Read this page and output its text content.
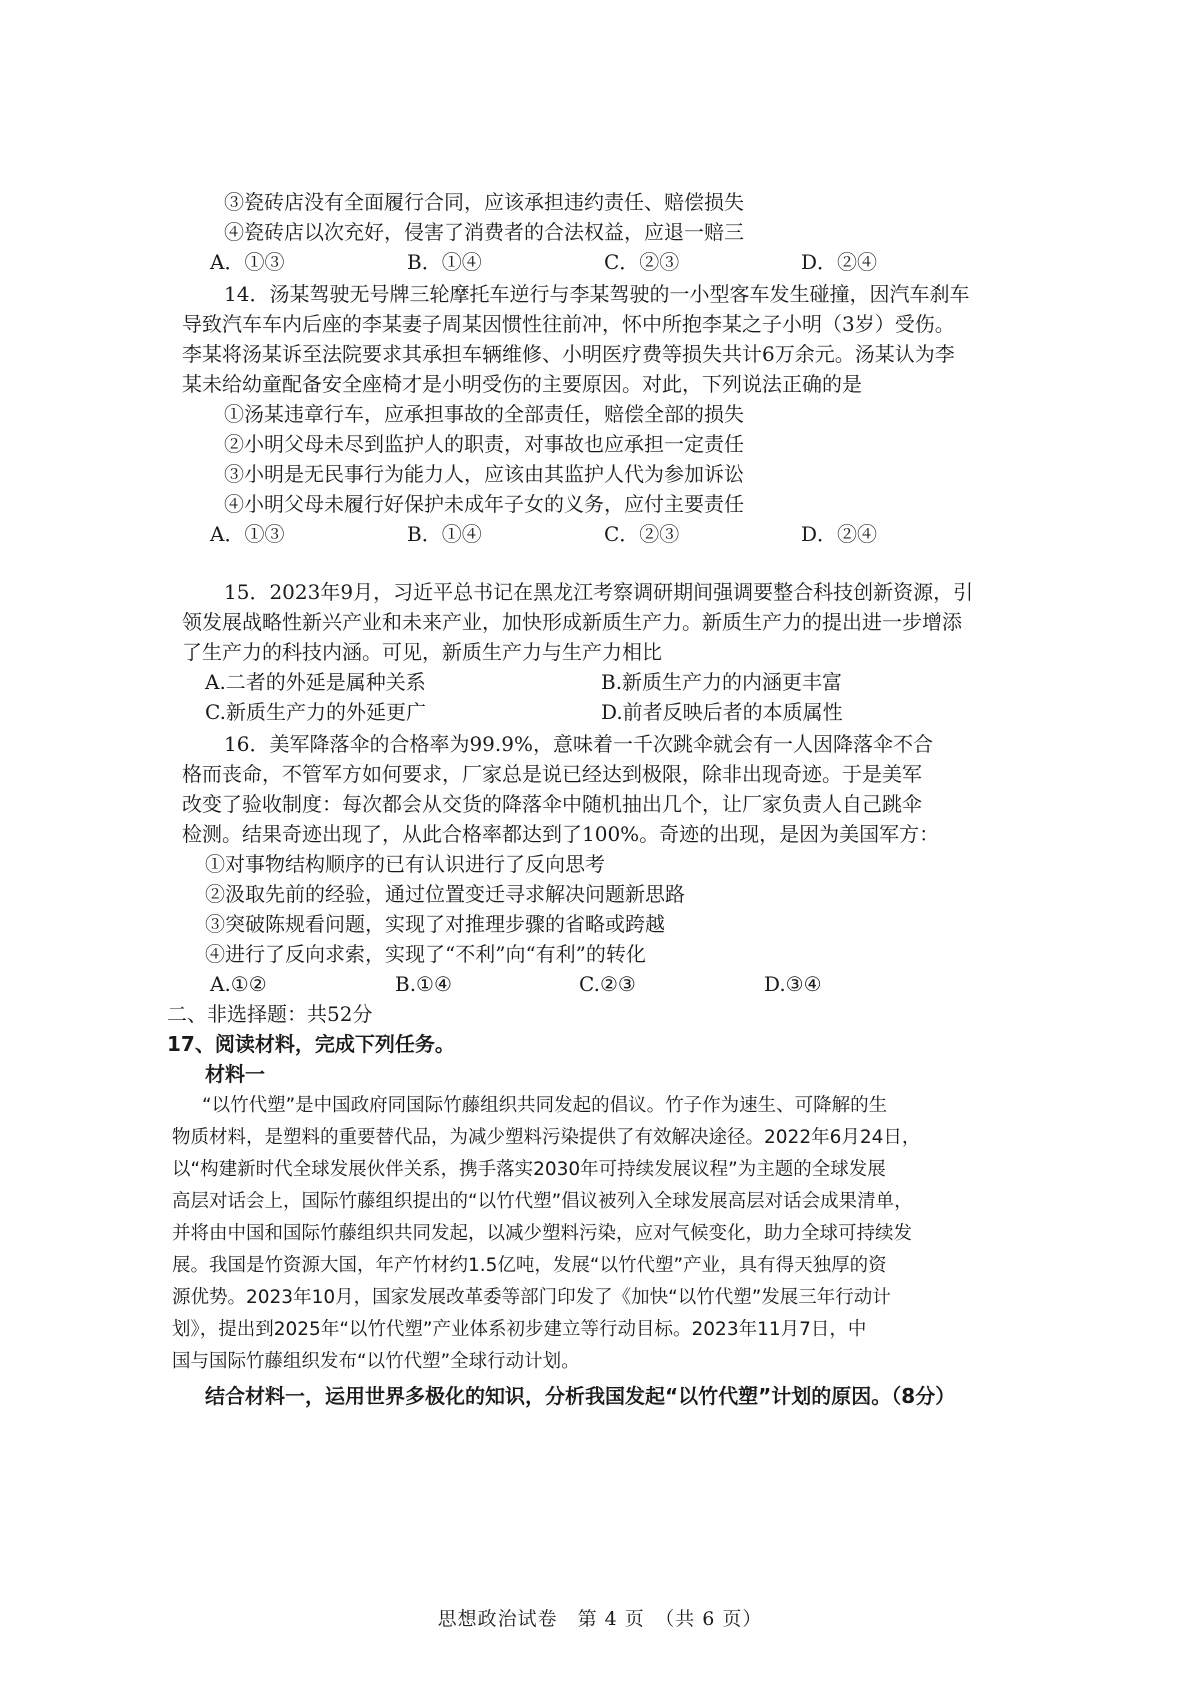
③瓷砖店没有全面履行合同，应该承担违约责任、赔偿损失
④瓷砖店以次充好，侵害了消费者的合法权益，应退一赔三
A．①③	B．①④	C．②③	D．②④
14．汤某驾驶无号牌三轮摩托车逆行与李某驾驶的一小型客车发生碰撞，因汽车刹车
导致汽车车内后座的李某妻子周某因惯性往前冲，怀中所抱李某之子小明（3岁）受伤。
李某将汤某诉至法院要求其承担车辆维修、小明医疗费等损失共计6万余元。汤某认为李
某未给幼童配备安全座椅才是小明受伤的主要原因。对此，下列说法正确的是
①汤某违章行车，应承担事故的全部责任，赔偿全部的损失
②小明父母未尽到监护人的职责，对事故也应承担一定责任
③小明是无民事行为能力人，应该由其监护人代为参加诉讼
④小明父母未履行好保护未成年子女的义务，应付主要责任
A．①③	B．①④	C．②③	D．②④
15．2023年9月，习近平总书记在黑龙江考察调研期间强调要整合科技创新资源，引
领发展战略性新兴产业和未来产业，加快形成新质生产力。新质生产力的提出进一步增添
了生产力的科技内涵。可见，新质生产力与生产力相比
A.二者的外延是属种关系	B.新质生产力的内涵更丰富
C.新质生产力的外延更广	D.前者反映后者的本质属性
16．美军降落伞的合格率为99.9%，意味着一千次跳伞就会有一人因降落伞不合
格而丧命，不管军方如何要求，厂家总是说已经达到极限，除非出现奇迹。于是美军
改变了验收制度：每次都会从交货的降落伞中随机抽出几个，让厂家负责人自己跳伞
检测。结果奇迹出现了，从此合格率都达到了100%。奇迹的出现，是因为美国军方：
①对事物结构顺序的已有认识进行了反向思考
②汲取先前的经验，通过位置变迁寻求解决问题新思路
③突破陈规看问题，实现了对推理步骤的省略或跨越
④进行了反向求索，实现了“不利”向“有利”的转化
A.①②	B.①④	C.②③	D.③④
二、非选择题：共52分
17、阅读材料，完成下列任务。
材料一
“以竹代塑”是中国政府同国际竹藤组织共同发起的倡议。竹子作为速生、可降解的生
物质材料，是塑料的重要替代品，为减少塑料污染提供了有效解决途径。2022年6月24日，
以“构建新时代全球发展伙伴关系，携手落实2030年可持续发展议程”为主题的全球发展
高层对话会上，国际竹藤组织提出的“以竹代塑”倡议被列入全球发展高层对话会成果清单，
并将由中国和国际竹藤组织共同发起，以减少塑料污染，应对气候变化，助力全球可持续发
展。我国是竹资源大国，年产竹材约1.5亿吨，发展“以竹代塑”产业，具有得天独厚的资
源优势。2023年10月，国家发展改革委等部门印发了《加快“以竹代塑”发展三年行动计
划》，提出到2025年“以竹代塑”产业体系初步建立等行动目标。2023年11月7日，中
国与国际竹藤组织发布“以竹代塑”全球行动计划。
结合材料一，运用世界多极化的知识，分析我国发起“以竹代塑”计划的原因。（8分）
思想政治试卷　第 4 页　（共 6 页）
